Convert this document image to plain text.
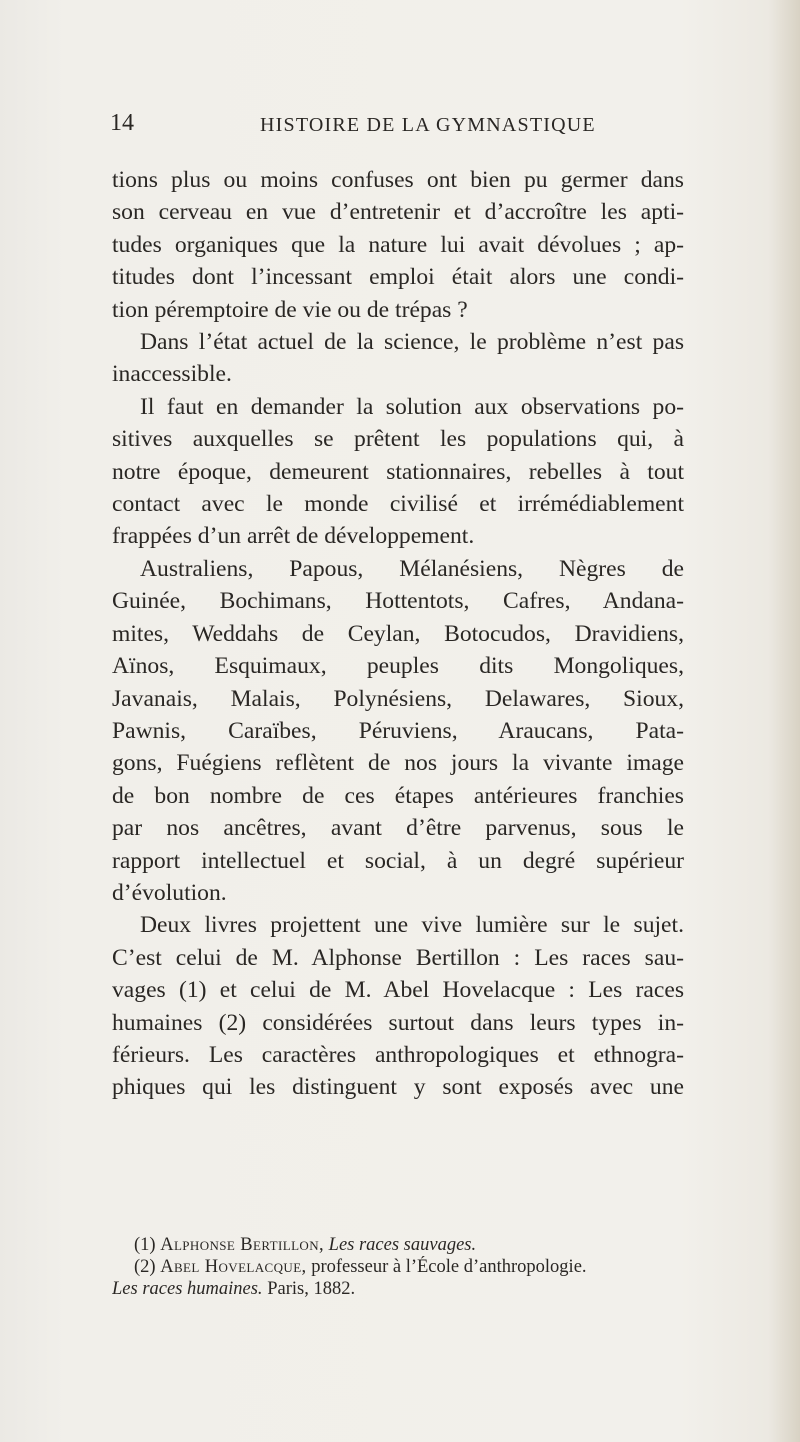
14	HISTOIRE DE LA GYMNASTIQUE
tions plus ou moins confuses ont bien pu germer dans
son cerveau en vue d’entretenir et d’accroître les apti-
tudes organiques que la nature lui avait dévolues ; ap-
titudes dont l’incessant emploi était alors une condi-
tion péremptoire de vie ou de trépas ?
Dans l’état actuel de la science, le problème n’est pas
inaccessible.
Il faut en demander la solution aux observations po-
sitives auxquelles se prêtent les populations qui, à
notre époque, demeurent stationnaires, rebelles à tout
contact avec le monde civilisé et irrémédiablement
frappées d’un arrêt de développement.
Australiens, Papous, Mélanésiens, Nègres de
Guinée, Bochimans, Hottentots, Cafres, Andana-
mites, Weddahs de Ceylan, Botocudos, Dravidiens,
Aïnos, Esquimaux, peuples dits Mongoliques,
Javanais, Malais, Polynésiens, Delawares, Sioux,
Pawnis, Caraïbes, Péruviens, Araucans, Pata-
gons, Fuégiens reflètent de nos jours la vivante image
de bon nombre de ces étapes antérieures franchies
par nos ancêtres, avant d’être parvenus, sous le
rapport intellectuel et social, à un degré supérieur
d’évolution.
Deux livres projettent une vive lumière sur le sujet.
C’est celui de M. Alphonse Bertillon : Les races sau-
vages (1) et celui de M. Abel Hovelacque : Les races
humaines (2) considérées surtout dans leurs types in-
férieurs. Les caractères anthropologiques et ethnogra-
phiques qui les distinguent y sont exposés avec une
(1) Alphonse Bertillon, Les races sauvages.
(2) Abel Hovelacque, professeur à l’École d’anthropologie.
Les races humaines. Paris, 1882.
